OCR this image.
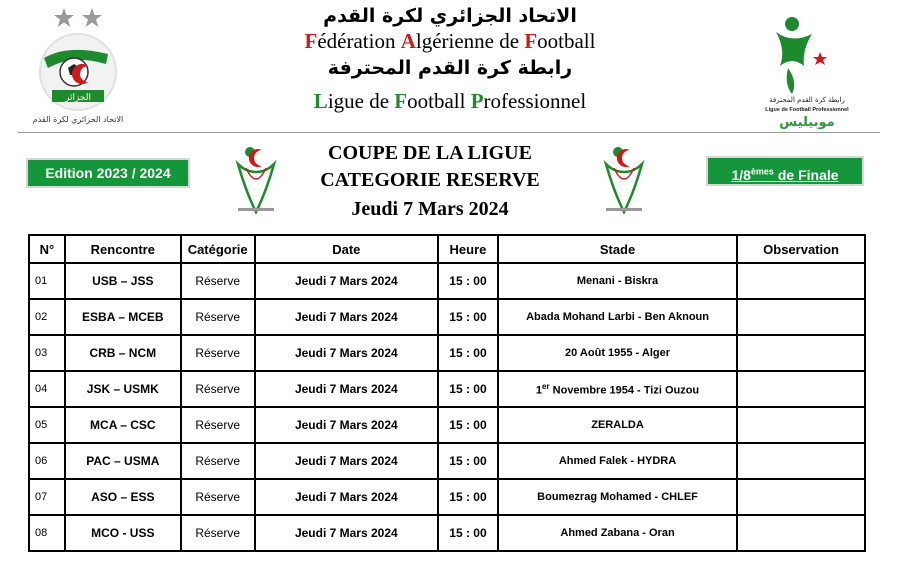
الجزائر
الاتحاد الجزائري لكرة القدم
الاتحاد الجزائري لكرة القدم
Fédération Algérienne de Football
رابطة كرة القدم المحترفة
Ligue de Football Professionnel	رابطة كرة القدم المحترفة
Ligue de Football Professionnel
موبيليس
Edition 2023 / 2024
COUPE DE LA LIGUE
CATEGORIE RESERVE
Jeudi 7 Mars 2024
1/8èmes de Finale
N°	Rencontre	Catégorie	Date	Heure	Stade	Observation
01	USB – JSS	Réserve	Jeudi 7 Mars 2024	15 : 00	Menani - Biskra	
02	ESBA – MCEB	Réserve	Jeudi 7 Mars 2024	15 : 00	Abada Mohand Larbi - Ben Aknoun	
03	CRB – NCM	Réserve	Jeudi 7 Mars 2024	15 : 00	20 Août 1955 - Alger	
04	JSK – USMK	Réserve	Jeudi 7 Mars 2024	15 : 00	1er Novembre 1954 - Tizi Ouzou	
05	MCA – CSC	Réserve	Jeudi 7 Mars 2024	15 : 00	ZERALDA	
06	PAC – USMA	Réserve	Jeudi 7 Mars 2024	15 : 00	Ahmed Falek - HYDRA	
07	ASO – ESS	Réserve	Jeudi 7 Mars 2024	15 : 00	Boumezrag Mohamed - CHLEF	
08	MCO - USS	Réserve	Jeudi 7 Mars 2024	15 : 00	Ahmed Zabana - Oran	
